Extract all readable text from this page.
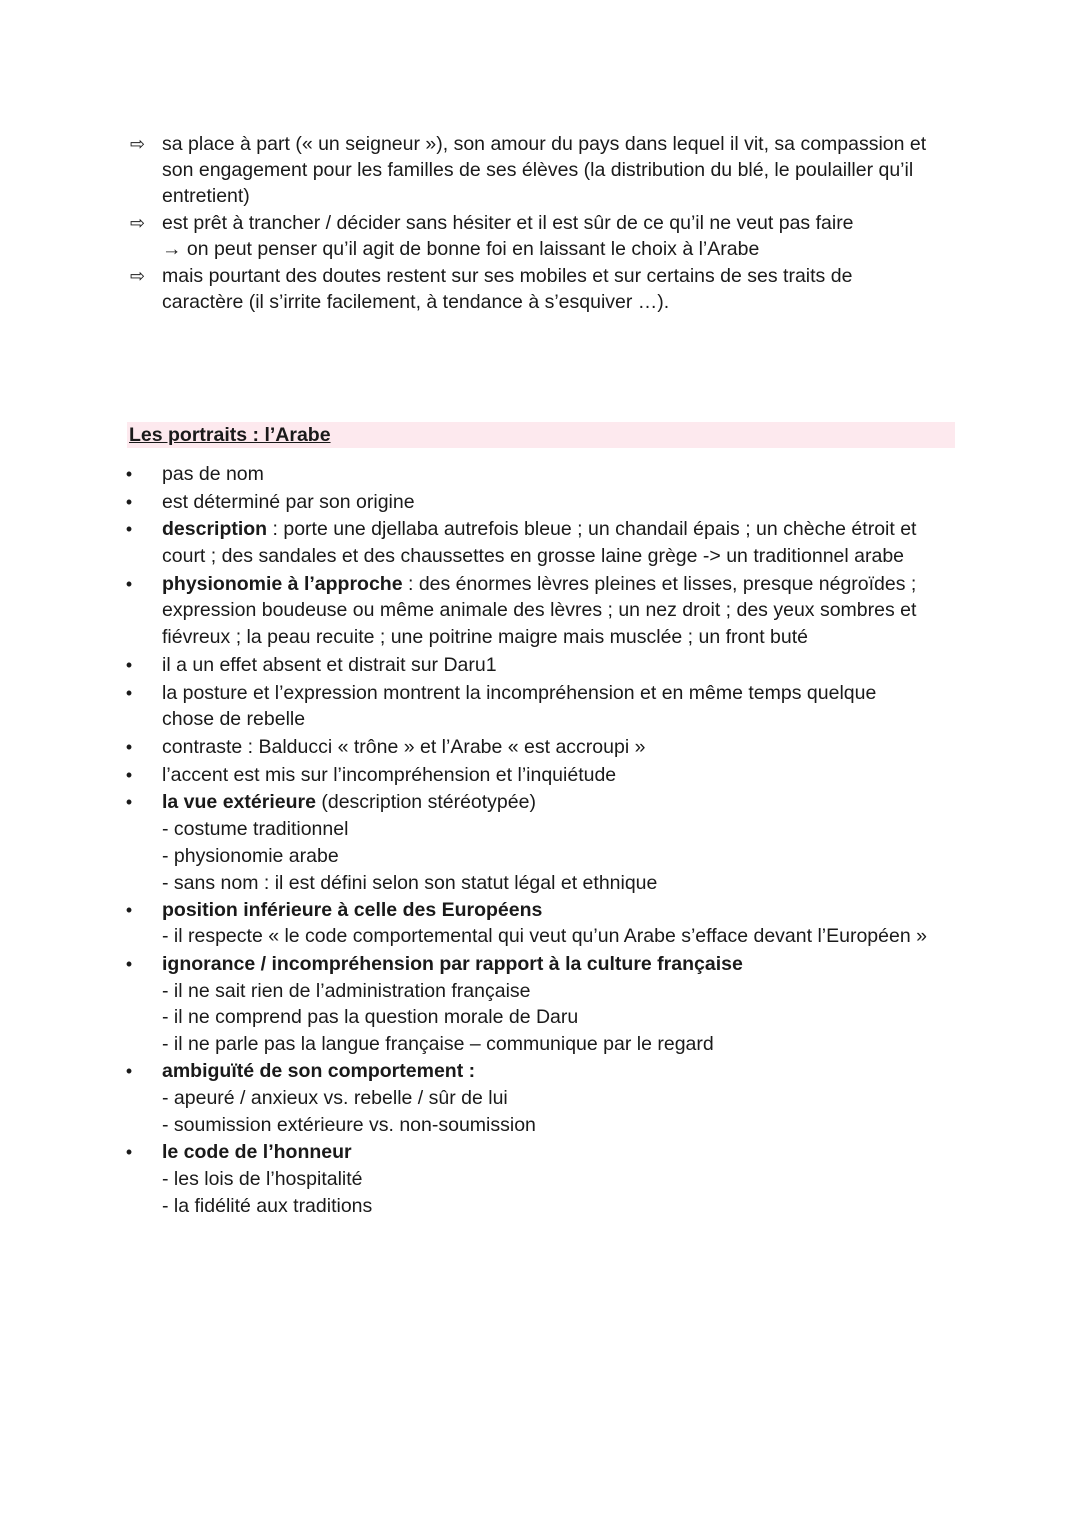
⇨ sa place à part (« un seigneur »), son amour du pays dans lequel il vit, sa compassion et
son engagement pour les familles de ses élèves (la distribution du blé, le poulailler qu’il
entretient)
⇨ est prêt à trancher / décider sans hésiter et il est sûr de ce qu’il ne veut pas faire
→ on peut penser qu’il agit de bonne foi en laissant le choix à l’Arabe
⇨ mais pourtant des doutes restent sur ses mobiles et sur certains de ses traits de
caractère (il s’irrite facilement, à tendance à s’esquiver …).
Les portraits : l’Arabe
• pas de nom
• est déterminé par son origine
• description : porte une djellaba autrefois bleue ; un chandail épais ; un chèche étroit et
court ; des sandales et des chaussettes en grosse laine grège -> un traditionnel arabe
• physionomie à l’approche : des énormes lèvres pleines et lisses, presque négroïdes ;
expression boudeuse ou même animale des lèvres ; un nez droit ; des yeux sombres et
fiévreux ; la peau recuite ; une poitrine maigre mais musclée ; un front buté
• il a un effet absent et distrait sur Daru1
• la posture et l’expression montrent la incompréhension et en même temps quelque
chose de rebelle
• contraste : Balducci « trône » et l’Arabe « est accroupi »
• l’accent est mis sur l’incompréhension et l’inquiétude
• la vue extérieure (description stéréotypée)
- costume traditionnel
- physionomie arabe
- sans nom : il est défini selon son statut légal et ethnique
• position inférieure à celle des Européens
- il respecte « le code comportemental qui veut qu’un Arabe s’efface devant l’Européen »
• ignorance / incompréhension par rapport à la culture française
- il ne sait rien de l’administration française
- il ne comprend pas la question morale de Daru
- il ne parle pas la langue française – communique par le regard
• ambiguïté de son comportement :
- apeuré / anxieux vs. rebelle / sûr de lui
- soumission extérieure vs. non-soumission
• le code de l’honneur
- les lois de l’hospitalité
- la fidélité aux traditions
